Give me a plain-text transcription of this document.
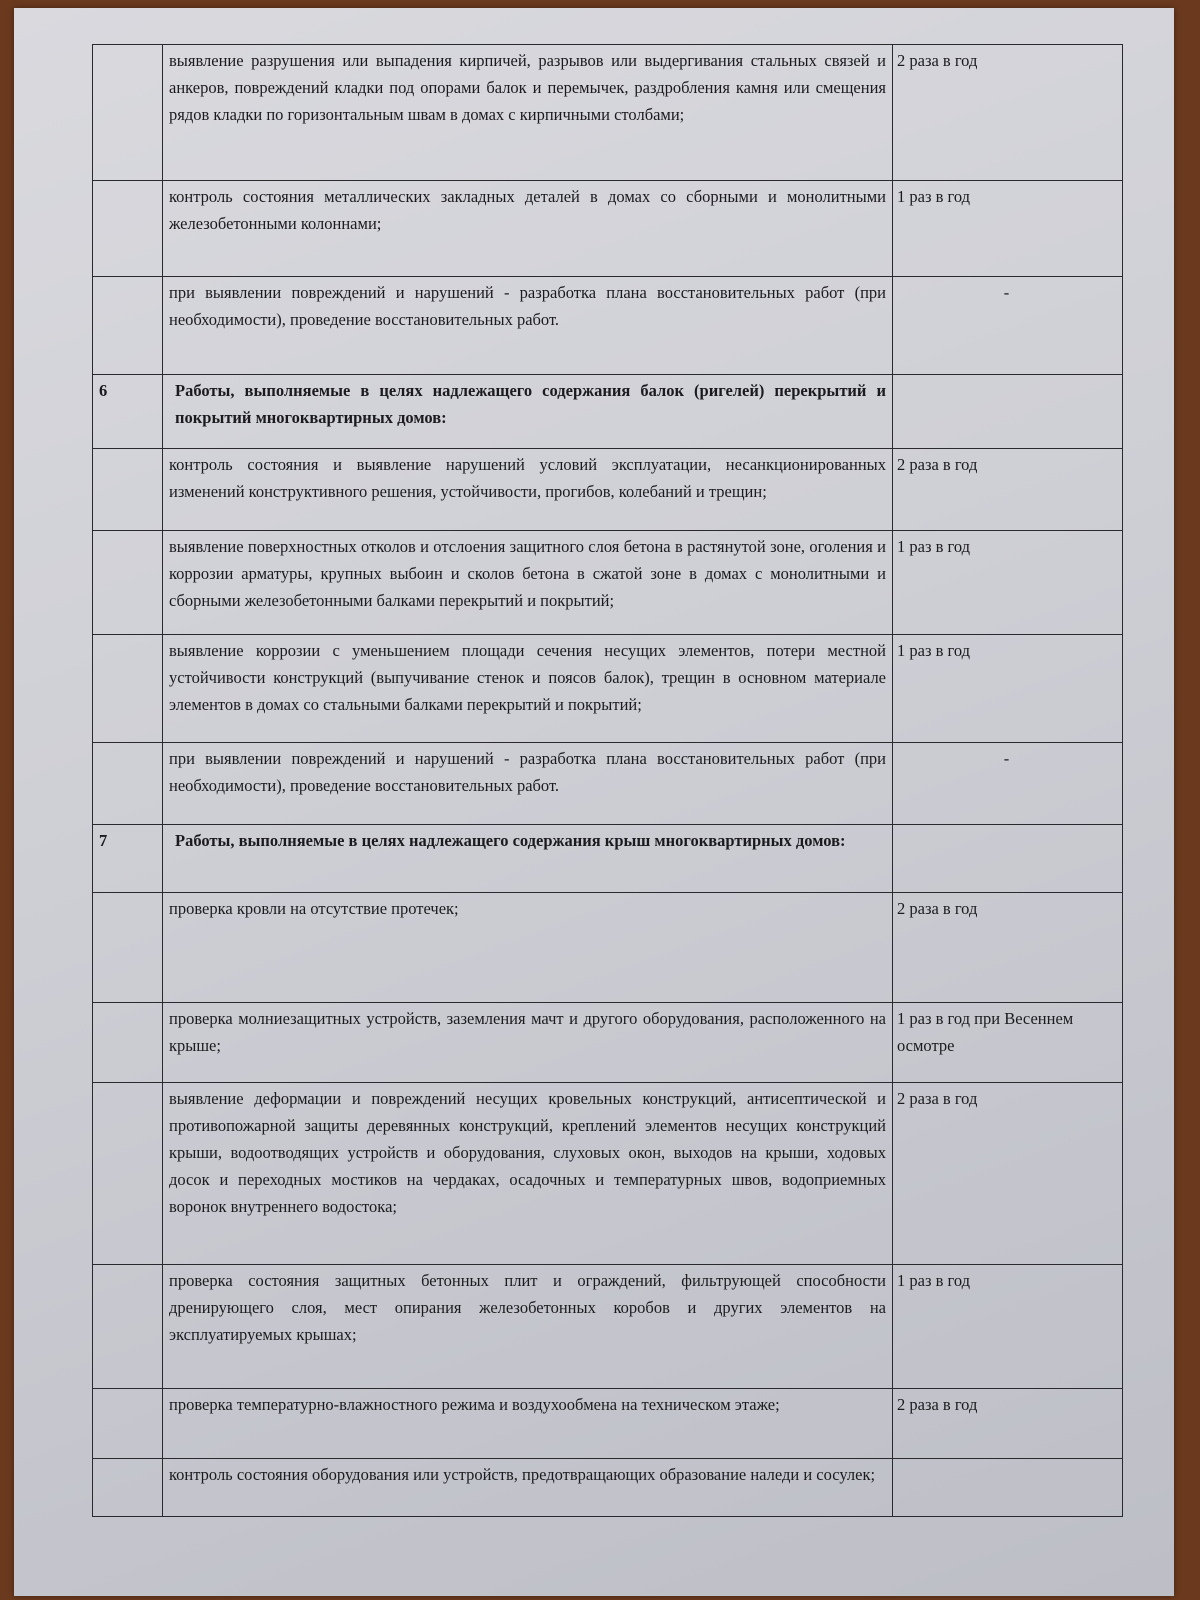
	выявление разрушения или выпадения кирпичей, разрывов или выдергивания стальных связей и анкеров, повреждений кладки под опорами балок и перемычек, раздробления камня или смещения рядов кладки по горизонтальным швам в домах с кирпичными столбами;	2 раза в год
	контроль состояния металлических закладных деталей в домах со сборными и монолитными железобетонными колоннами;	1 раз в год
	при выявлении повреждений и нарушений - разработка плана восстановительных работ (при необходимости), проведение восстановительных работ.	-
6	Работы, выполняемые в целях надлежащего содержания балок (ригелей) перекрытий и покрытий многоквартирных домов:	
	контроль состояния и выявление нарушений условий эксплуатации, несанкционированных изменений конструктивного решения, устойчивости, прогибов, колебаний и трещин;	2 раза в год
	выявление поверхностных отколов и отслоения защитного слоя бетона в растянутой зоне, оголения и коррозии арматуры, крупных выбоин и сколов бетона в сжатой зоне в домах с монолитными и сборными железобетонными балками перекрытий и покрытий;	1 раз в год
	выявление коррозии с уменьшением площади сечения несущих элементов, потери местной устойчивости конструкций (выпучивание стенок и поясов балок), трещин в основном материале элементов в домах со стальными балками перекрытий и покрытий;	1 раз в год
	при выявлении повреждений и нарушений - разработка плана восстановительных работ (при необходимости), проведение восстановительных работ.	-
7	Работы, выполняемые в целях надлежащего содержания крыш многоквартирных домов:	
	проверка кровли на отсутствие протечек;	2 раза в год
	проверка молниезащитных устройств, заземления мачт и другого оборудования, расположенного на крыше;	1 раз в год при Весеннем осмотре
	выявление деформации и повреждений несущих кровельных конструкций, антисептической и противопожарной защиты деревянных конструкций, креплений элементов несущих конструкций крыши, водоотводящих устройств и оборудования, слуховых окон, выходов на крыши, ходовых досок и переходных мостиков на чердаках, осадочных и температурных швов, водоприемных воронок внутреннего водостока;	2 раза в год
	проверка состояния защитных бетонных плит и ограждений, фильтрующей способности дренирующего слоя, мест опирания железобетонных коробов и других элементов на эксплуатируемых крышах;	1 раз в год
	проверка температурно-влажностного режима и воздухообмена на техническом этаже;	2 раза в год
	контроль состояния оборудования или устройств, предотвращающих образование наледи и сосулек;	
